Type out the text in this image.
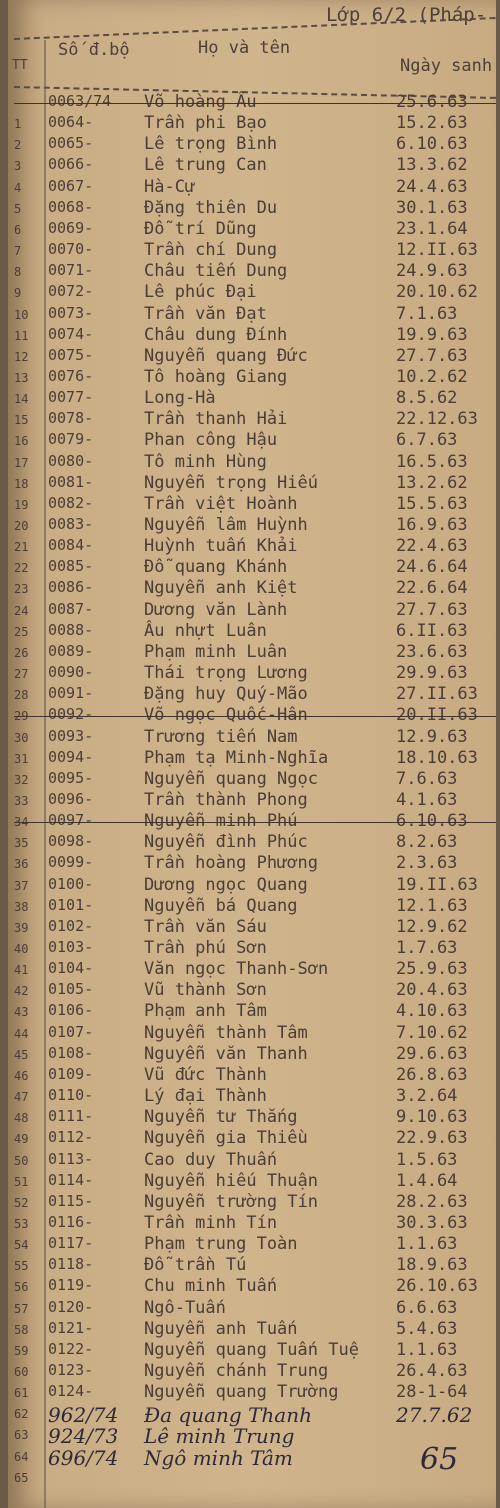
Lớp 6/2 (Pháp-
Số đ.bộ	Họ và tên
TT	Ngày sanh
0063/74	Võ hoàng Âu	25.6.63
1	0064-	Trần phi Bạo	15.2.63
2	0065-	Lê trọng Bình	6.10.63
3	0066-	Lê trung Can	13.3.62
4	0067-	Hà-Cự	24.4.63
5	0068-	Đặng thiên Du	30.1.63
6	0069-	Đỗ trí Dũng	23.1.64
7	0070-	Trần chí Dung	12.II.63
8	0071-	Châu tiến Dung	24.9.63
9	0072-	Lê phúc Đại	20.10.62
10	0073-	Trần văn Đạt	7.1.63
11	0074-	Châu dung Đính	19.9.63
12	0075-	Nguyễn quang Đức	27.7.63
13	0076-	Tô hoàng Giang	10.2.62
14	0077-	Long-Hà	8.5.62
15	0078-	Trần thanh Hải	22.12.63
16	0079-	Phan công Hậu	6.7.63
17	0080-	Tô minh Hùng	16.5.63
18	0081-	Nguyễn trọng Hiếu	13.2.62
19	0082-	Trần việt Hoành	15.5.63
20	0083-	Nguyễn lâm Huỳnh	16.9.63
21	0084-	Huỳnh tuấn Khải	22.4.63
22	0085-	Đỗ quang Khánh	24.6.64
23	0086-	Nguyễn anh Kiệt	22.6.64
24	0087-	Dương văn Lành	27.7.63
25	0088-	Âu nhựt Luân	6.II.63
26	0089-	Phạm minh Luân	23.6.63
27	0090-	Thái trọng Lương	29.9.63
28	0091-	Đặng huy Quý-Mão	27.II.63
29	0092-	Võ ngọc Quốc-Hân	20.II.63
30	0093-	Trương tiến Nam	12.9.63
31	0094-	Phạm tạ Minh-Nghĩa	18.10.63
32	0095-	Nguyễn quang Ngọc	7.6.63
33	0096-	Trần thành Phong	4.1.63
34	0097-	Nguyễn minh Phú	6.10.63
35	0098-	Nguyễn đình Phúc	8.2.63
36	0099-	Trần hoàng Phương	2.3.63
37	0100-	Dương ngọc Quang	19.II.63
38	0101-	Nguyễn bá Quang	12.1.63
39	0102-	Trần văn Sáu	12.9.62
40	0103-	Trần phú Sơn	1.7.63
41	0104-	Văn ngọc Thanh-Sơn	25.9.63
42	0105-	Vũ thành Sơn	20.4.63
43	0106-	Phạm anh Tâm	4.10.63
44	0107-	Nguyễn thành Tâm	7.10.62
45	0108-	Nguyễn văn Thanh	29.6.63
46	0109-	Vũ đức Thành	26.8.63
47	0110-	Lý đại Thành	3.2.64
48	0111-	Nguyễn tư Thắng	9.10.63
49	0112-	Nguyễn gia Thiều	22.9.63
50	0113-	Cao duy Thuấn	1.5.63
51	0114-	Nguyễn hiếu Thuận	1.4.64
52	0115-	Nguyễn trường Tín	28.2.63
53	0116-	Trần minh Tín	30.3.63
54	0117-	Phạm trung Toàn	1.1.63
55	0118-	Đỗ trần Tú	18.9.63
56	0119-	Chu minh Tuấn	26.10.63
57	0120-	Ngô-Tuấn	6.6.63
58	0121-	Nguyễn anh Tuấn	5.4.63
59	0122-	Nguyễn quang Tuấn Tuệ	1.1.63
60	0123-	Nguyễn chánh Trung	26.4.63
61	0124-	Nguyễn quang Trường	28-1-64
62 962/74	Đa quang Thanh	27.7.62
63 924/73	Lê minh Trung
64 696/74	Ngô minh Tâm
65
65
